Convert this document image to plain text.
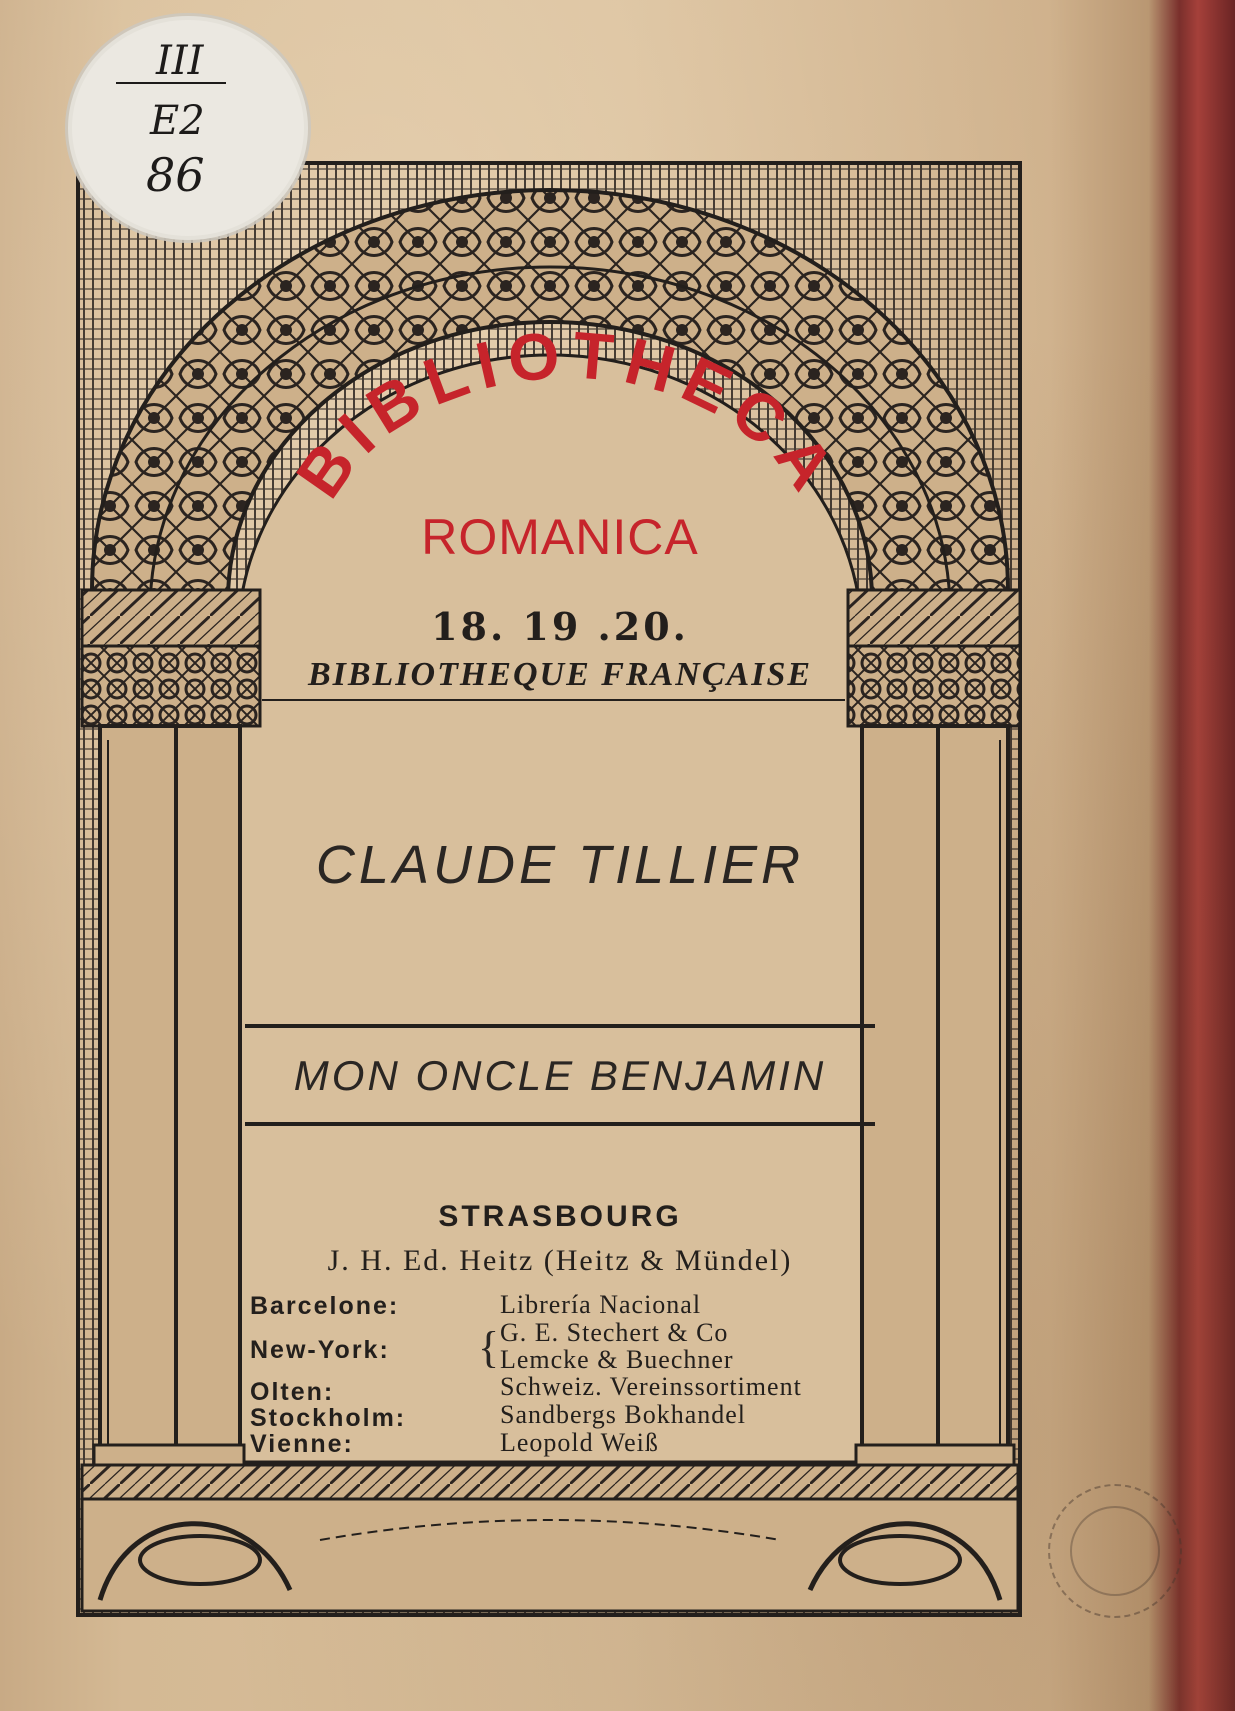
III
E2
86
BIBLIOTHECA
ROMANICA
18. 19 .20.
BIBLIOTHEQUE FRANÇAISE
CLAUDE TILLIER
MON ONCLE BENJAMIN
STRASBOURG
J. H. Ed. Heitz (Heitz & Mündel)
Barcelone:	Librería Nacional
New-York: { G. E. Stechert & Co
Lemcke & Buechner
Olten:	Schweiz. Vereinssortiment
Stockholm:	Sandbergs Bokhandel
Vienne:	Leopold Weiß
